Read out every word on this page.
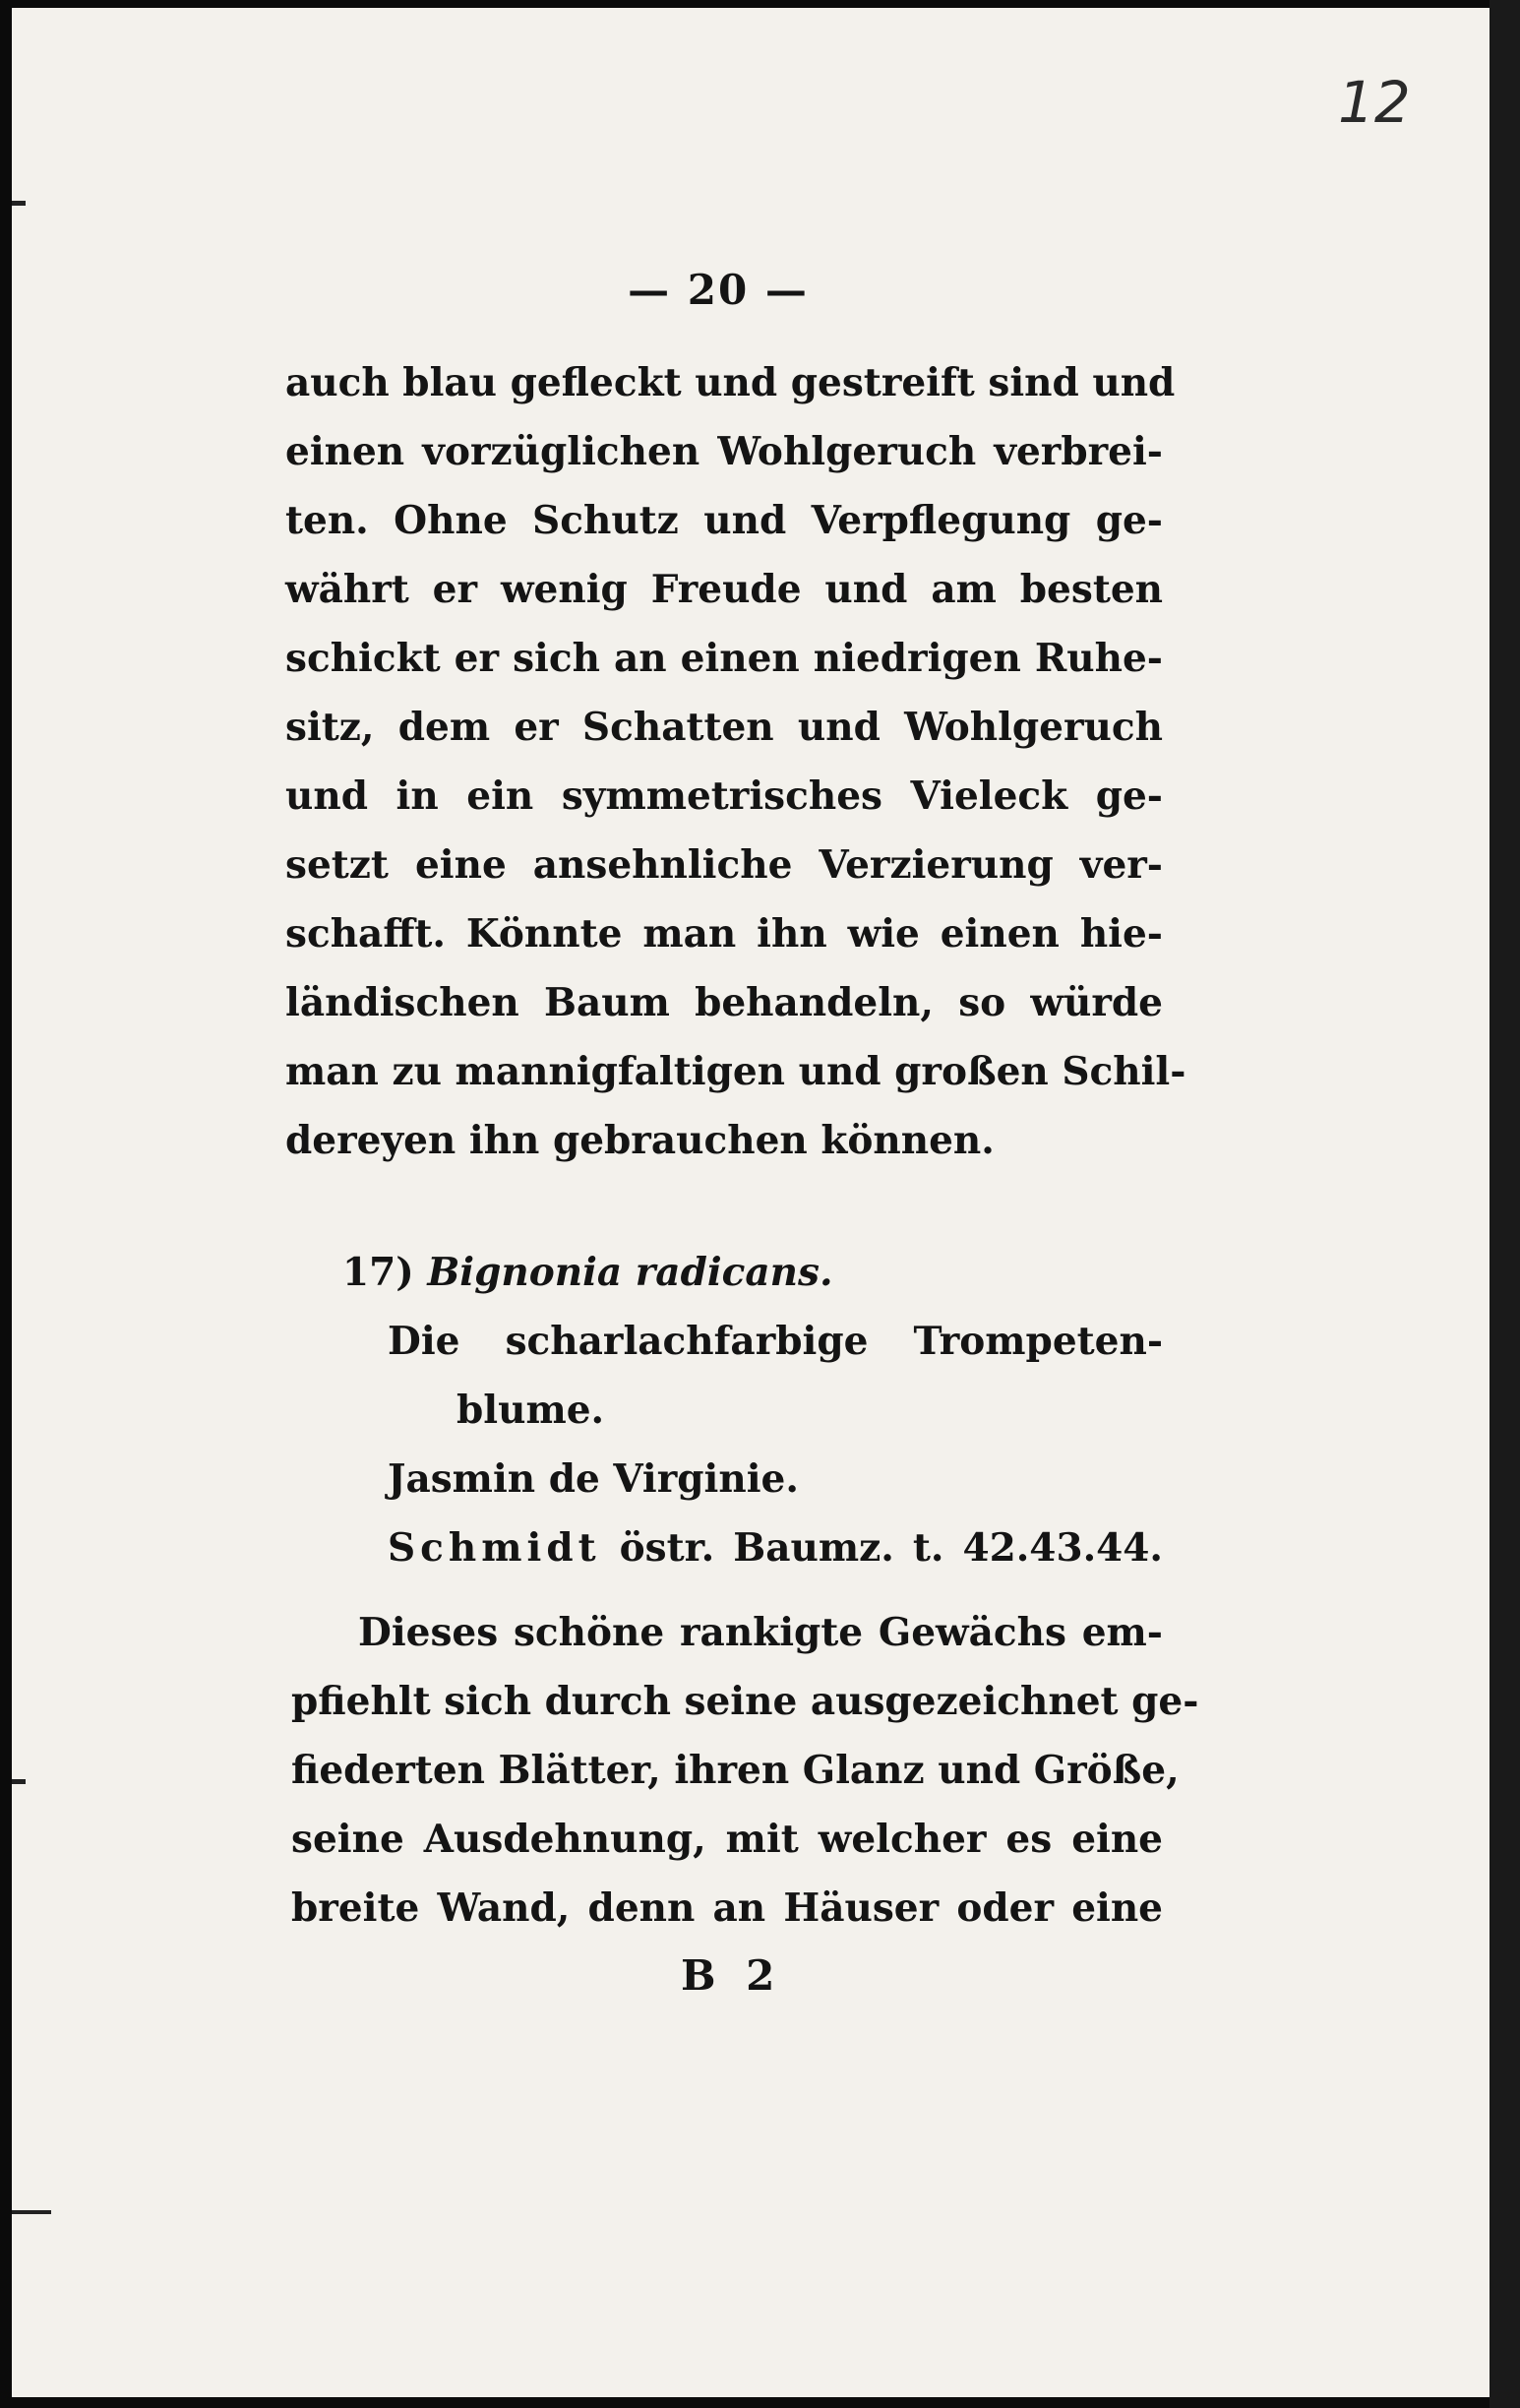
12
— 20 —
auch blau gefleckt und gestreift sind und
einen vorzüglichen Wohlgeruch verbrei-
ten. Ohne Schutz und Verpflegung ge-
währt er wenig Freude und am besten
schickt er sich an einen niedrigen Ruhe-
sitz, dem er Schatten und Wohlgeruch
und in ein symmetrisches Vieleck ge-
setzt eine ansehnliche Verzierung ver-
schafft. Könnte man ihn wie einen hie-
ländischen Baum behandeln, so würde
man zu mannigfaltigen und großen Schil-
dereyen ihn gebrauchen können.
17) Bignonia radicans.
Die scharlachfarbige Trompeten-
blume.
Jasmin de Virginie.
Schmidt östr. Baumz. t. 42.43.44.
Dieses schöne rankigte Gewächs em-
pfiehlt sich durch seine ausgezeichnet ge-
fiederten Blätter, ihren Glanz und Größe,
seine Ausdehnung, mit welcher es eine
breite Wand, denn an Häuser oder eine
B 2
